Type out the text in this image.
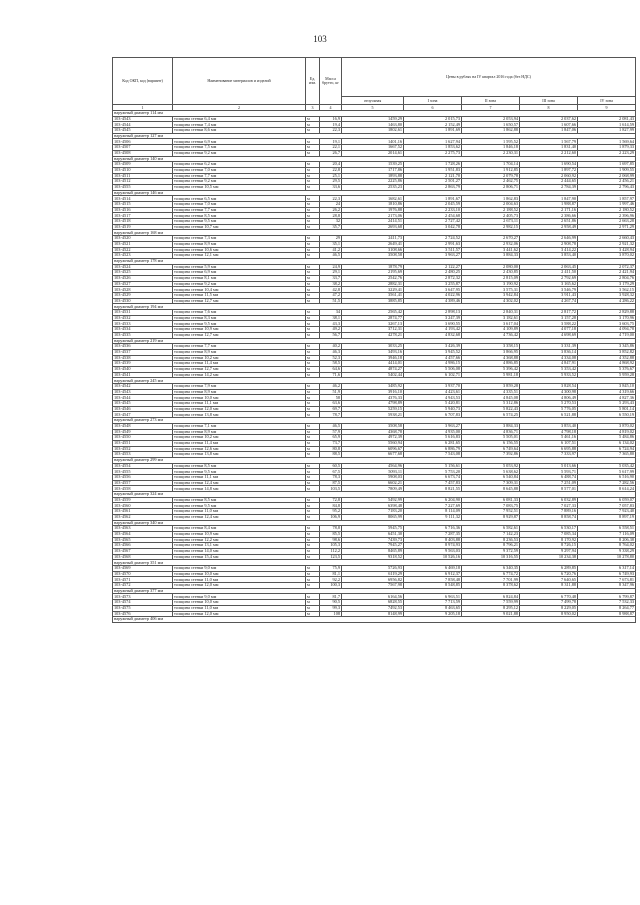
103
Код ОКП, код (вариант)	Наименование материалов и изделий	Ед. изм.	Масса брутто, кг	Цены в рублях на IV квартал 2016 года (без НДС)				
				отпускная	I зона	II зона	III зона	IV зона
1	2	3	4	5	6	7	8	9
наружный диаметр 114 мм								
103-4543	толщина стенки 6,4 мм	м	16,9	1459,29	2 015,73	2 053,94	2 037,62	2 081,43
103-4544	толщина стенки 7,4 мм	м	19,4	1463,80	2 152,49	1 650,57	1 607,66	1 614,59
103-4545	толщина стенки 8,6 мм	м	22,3	1802,61	1 891,69	1 862,88	1 847,06	1 827,99
наружный диаметр 127 мм								
103-4506	толщина стенки 6,9 мм	м	19,1	1401,16	1 627,94	1 595,52	1 567,79	1 569,64
103-4507	толщина стенки 7,5 мм	м	22,1	1667,52	1 853,62	1 846,18	1 831,40	1 879,33
103-4508	толщина стенки 9,2 мм	м	26,7	2014,61	2 275,73	2 230,31	2 212,60	2 223,29
наружный диаметр 140 мм								
103-4509	толщина стенки 6,2 мм	м	20,4	1539,25	1 728,26	1 704,14	1 690,54	1 697,85
103-4510	толщина стенки 7,0 мм	м	22,8	1717,86	1 951,83	1 912,85	1 897,72	1 909,55
103-4511	толщина стенки 7,7 мм	м	25,1	1893,88	2 121,70	2 079,78	2 060,92	2 068,99
103-4512	толщина стенки 9,2 мм	м	29,5	2225,86	2 501,27	2 462,75	2 444,65	2 456,21
103-4555	толщина стенки 10,5 мм	м	33,6	2535,23	2 863,79	2 806,71	2 784,39	2 796,43
наружный диаметр 146 мм								
103-4514	толщина стенки 6,5 мм	м	22,3	1682,61	1 891,67	1 862,83	1 847,90	1 857,97
103-4515	толщина стенки 7,0 мм	м	24	1810,86	2 045,59	2 004,63	1 988,87	1 997,46
103-4516	толщина стенки 7,7 мм	м	26,2	1976,88	2 233,10	2 188,52	2 171,16	2 180,52
103-4517	толщина стенки 8,5 мм	м	28,8	2173,06	2 454,68	2 405,73	2 386,66	2 396,96
103-4518	толщина стенки 9,5 мм	м	32	2414,51	2 727,42	2 673,11	2 651,86	2 663,28
103-4519	толщина стенки 10,7 мм	м	35,7	2693,68	3 042,78	2 982,15	2 958,49	2 971,29
наружный диаметр 168 мм								
103-4520	толщина стенки 7,3 мм	м	29	2411,73	2 724,52	2 670,27	2 646,99	2 660,43
103-4521	толщина стенки 8,9 мм	м	35,1	2649,41	2 991,63	2 932,06	2 908,78	2 921,32
103-4522	толщина стенки 10,6 мм	м	41,2	3108,66	3 511,57	3 441,62	3 414,22	3 428,94
103-4523	толщина стенки 12,1 мм	м	46,5	3508,58	3 963,27	3 884,33	3 853,40	3 870,02
наружный диаметр 178 мм								
103-4524	толщина стенки 5,9 мм	м	24,9	1878,79	2 122,27	2 080,00	2 063,45	2 072,37
103-4525	толщина стенки 6,9 мм	м	29,1	2195,69	2 480,25	2 430,85	2 411,50	2 421,94
103-4526	толщина стенки 8,1 мм	м	33,7	2542,76	2 872,32	2 815,09	2 792,69	2 804,76
103-4527	толщина стенки 9,2 мм	м	38,2	2882,31	3 255,87	3 190,92	3 165,62	3 179,29
103-4528	толщина стенки 10,4 мм	м	42,8	3229,41	3 647,95	3 575,31	3 546,79	3 562,15
103-4529	толщина стенки 11,5 мм	м	47,2	3561,41	4 022,96	3 942,84	3 911,43	3 928,32
103-4530	толщина стенки 12,7 мм	м	51,5	3885,85	4 389,46	4 302,02	4 267,74	4 286,22
наружный диаметр 194 мм								
103-4531	толщина стенки 7,6 мм	м	34	2565,42	2 898,13	2 840,31	2 817,72	2 829,88
103-4532	толщина стенки 8,3 мм	м	38,1	2874,77	3 247,39	3 182,61	3 157,28	3 170,96
103-4533	толщина стенки 9,5 мм	м	43,3	3267,13	3 690,55	3 617,04	3 588,22	3 603,75
103-4534	толщина стенки 10,9 мм	м	49,2	3712,31	4 193,42	4 109,89	4 077,18	4 094,78
103-4535	толщина стенки 12,7 мм	м	56,7	4278,21	4 832,68	4 736,42	4 698,69	4 719,00
наружный диаметр 219 мм								
103-4536	толщина стенки 7,7 мм	м	40,2	3033,25	3 426,39	3 358,15	3 331,39	3 345,86
103-4537	толщина стенки 8,9 мм	м	46,3	3493,16	3 945,52	3 866,95	3 836,14	3 852,82
103-4538	толщина стенки 10,2 мм	м	52,3	3946,18	4 457,66	4 368,88	4 334,08	4 352,88
103-4539	толщина стенки 11,4 мм	м	58,5	4414,01	4 986,15	4 886,85	4 847,91	4 868,92
103-4540	толщина стенки 12,7 мм	м	64,6	4874,27	5 506,08	5 396,42	5 353,42	5 376,67
103-4541	толщина стенки 14,2 мм	м	71,6	5402,44	6 102,71	5 981,18	5 933,52	5 959,28
наружный диаметр 245 мм								
103-4542	толщина стенки 7,9 мм	м	46,2	3485,92	3 937,70	3 859,28	3 828,54	3 845,10
103-4543	толщина стенки 8,9 мм	м	51,9	3916,10	4 423,61	4 335,51	4 300,98	4 319,66
103-4544	толщина стенки 10,0 мм	м	58	4376,33	4 943,53	4 845,08	4 806,49	4 827,36
103-4545	толщина стенки 11,1 мм	м	63,6	4798,89	5 420,81	5 312,86	5 270,53	5 293,43
103-4546	толщина стенки 12,0 мм	м	69,7	5259,15	5 940,73	5 822,43	5 776,05	5 801,14
103-4547	толщина стенки 13,8 мм	м	78,7	5938,21	6 707,83	6 574,25	6 521,88	6 550,19
наружный диаметр 273 мм								
103-4548	толщина стенки 7,1 мм	м	46,5	3508,58	3 963,27	3 884,33	3 853,40	3 870,02
103-4549	толщина стенки 8,9 мм	м	57,9	4368,78	4 935,00	4 836,71	4 798,18	4 819,02
103-4550	толщина стенки 10,2 мм	м	65,9	4972,39	5 616,83	5 505,01	5 461,16	5 484,86
103-4551	толщина стенки 11,4 мм	м	73,7	5560,94	6 281,65	6 156,55	6 107,51	6 134,02
103-4552	толщина стенки 12,6 мм	м	80,8	6096,67	6 886,79	6 749,64	6 695,88	6 724,94
103-4553	толщина стенки 13,8 мм	м	88,5	6677,68	7 543,08	7 392,86	7 333,97	7 365,80
наружный диаметр 299 мм								
103-4554	толщина стенки 8,5 мм	м	60,5	4564,96	5 156,61	5 053,92	5 013,66	5 035,42
103-4555	толщина стенки 9,5 мм	м	67,5	5093,11	5 753,20	5 638,62	5 593,71	5 617,99
103-4556	толщина стенки 11,1 мм	м	78,3	5908,03	6 673,74	6 540,84	6 488,74	6 516,90
103-4557	толщина стенки 12,4 мм	м	87,5	6602,21	7 457,83	7 309,31	7 251,09	7 282,56
103-4558	толщина стенки 14,8 мм	м	103,5	7809,49	8 821,55	8 645,88	8 577,01	8 614,24
наружный диаметр 324 мм								
103-4559	толщина стенки 8,5 мм	м	72,8	5492,99	6 204,90	6 081,33	6 032,89	6 059,07
103-4560	толщина стенки 9,5 мм	м	84,8	6398,48	7 227,69	7 083,75	7 027,33	7 057,83
103-4561	толщина стенки 11,0 мм	м	95,2	7183,20	8 114,09	7 952,51	7 889,16	7 923,40
103-4562	толщина стенки 12,4 мм	м	106,9	8065,99	9 111,32	8 929,87	8 858,74	8 897,19
наружный диаметр 340 мм								
103-4563	толщина стенки 8,4 мм	м	78,8	5945,75	6 716,36	6 582,61	6 530,17	6 558,51
103-4564	толщина стенки 10,9 мм	м	85,5	6451,30	7 287,35	7 142,23	7 085,34	7 116,09
103-4565	толщина стенки 12,2 мм	м	98,6	7439,73	8 403,88	8 236,53	8 170,92	8 206,38
103-4566	толщина стенки 13,1 мм	м	105,3	7945,27	8 974,93	8 796,21	8 726,15	8 764,02
103-4567	толщина стенки 14,0 мм	м	112,2	8465,89	9 563,03	9 372,59	9 297,94	9 338,29
103-4568	толщина стенки 15,4 мм	м	123,5	9318,52	10 526,16	10 316,55	10 234,38	10 278,80
наружный диаметр 351 мм								
103-4569	толщина стенки 9,0 мм	м	75,9	5726,93	6 469,18	6 340,35	6 289,85	6 317,14
103-4570	толщина стенки 10,0 мм	м	81,1	6119,29	6 912,37	6 774,72	6 720,76	6 749,93
103-4571	толщина стенки 11,0 мм	м	92,2	6956,82	7 858,48	7 701,99	7 640,65	7 673,81
103-4572	толщина стенки 12,0 мм	м	100,3	7567,98	8 548,85	8 378,62	8 311,88	8 347,96
наружный диаметр 377 мм								
103-4573	толщина стенки 9,0 мм	м	81,7	6164,56	6 963,51	6 824,84	6 770,48	6 799,87
103-4574	толщина стенки 10,0 мм	м	90,5	6828,55	7 713,59	7 559,99	7 499,78	7 532,33
103-4575	толщина стенки 11,0 мм	м	99,3	7492,53	8 463,65	8 295,12	8 229,05	8 264,77
103-4576	толщина стенки 12,0 мм	м	108	8148,99	9 205,18	9 021,88	8 950,02	8 988,87
наружный диаметр 406 мм								
